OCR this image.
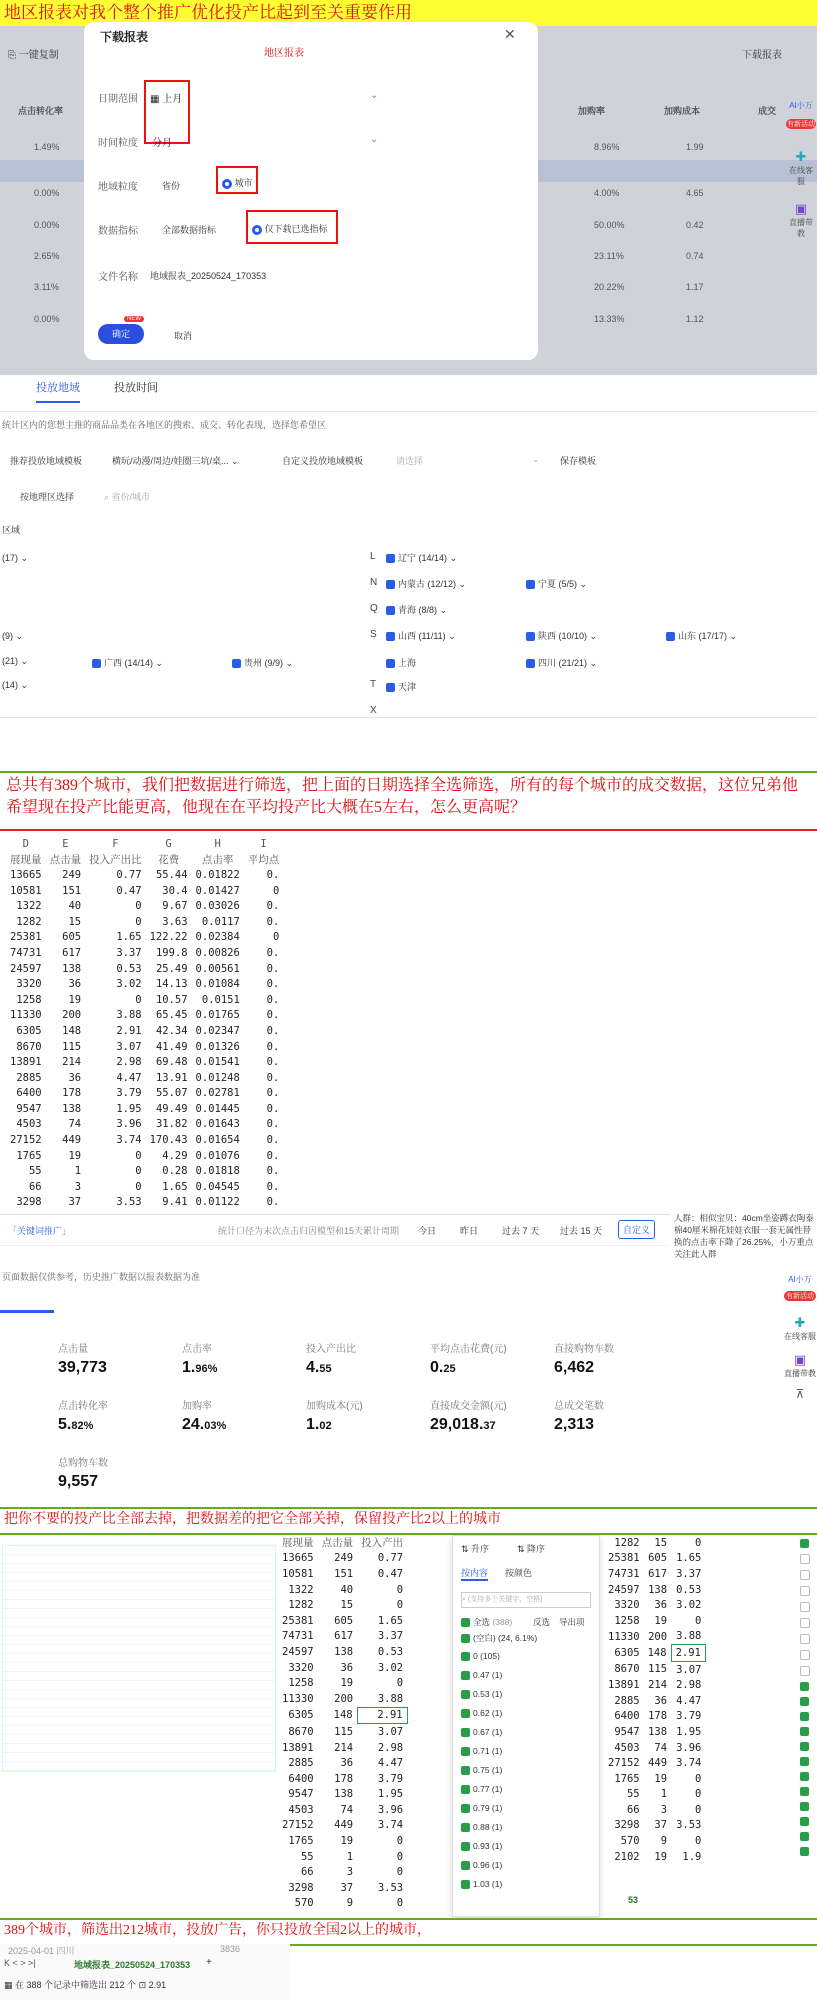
地区报表对我个整个推广优化投产比起到至关重要作用
⎘ 一键复制	下载报表
点击转化率	加购率	加购成本	成交
1.49%	8.96%	1.99
0.00%	4.00%	4.65
0.00%	50.00%	0.42
2.65%	23.11%	0.74
3.11%	20.22%	1.17
0.00%	13.33%	1.12
AI小万
有新活动
✚
在线客服
▣
直播带教
下载报表
地区报表
✕
日期范围 ▦ 上月	⌄
时间粒度 分月	⌄
地域粒度	省份	城市
数据指标	全部数据指标	仅下载已选指标
文件名称 地域报表_20250524_170353
确定
NEW
取消
投放地域	投放时间
统计区内的您想主推的商品品类在各地区的搜索、成交、转化表现，选择您希望区
推荐投放地域模板	横玩/动漫/周边/娃圈三坑/桌... ⌄	自定义投放地域模板	请选择	⌄ 保存模板
按地理区选择	⌕ 省份/城市
区域
(17) ⌄
(9) ⌄
(21) ⌄
(14) ⌄
L
N
Q
S
T
X
辽宁 (14/14) ⌄
内蒙古 (12/12) ⌄	宁夏 (5/5) ⌄
青海 (8/8) ⌄
山西 (11/11) ⌄	陕西 (10/10) ⌄	山东 (17/17) ⌄
广西 (14/14) ⌄	贵州 (9/9) ⌄	上海	四川 (21/21) ⌄
天津
总共有389个城市，我们把数据进行筛选，把上面的日期选择全选筛选，所有的每个城市的成交数据，这位兄弟他希望现在投产比能更高，他现在在平均投产比大概在5左右，怎么更高呢？
D	E	F	G	H	I
展现量	点击量	投入产出比	花费	点击率	平均点
13665	249	0.77	55.44	0.01822	0.
10581	151	0.47	30.4	0.01427	0
1322	40	0	9.67	0.03026	0.
1282	15	0	3.63	0.0117	0.
25381	605	1.65	122.22	0.02384	0
74731	617	3.37	199.8	0.00826	0.
24597	138	0.53	25.49	0.00561	0.
3320	36	3.02	14.13	0.01084	0.
1258	19	0	10.57	0.0151	0.
11330	200	3.88	65.45	0.01765	0.
6305	148	2.91	42.34	0.02347	0.
8670	115	3.07	41.49	0.01326	0.
13891	214	2.98	69.48	0.01541	0.
2885	36	4.47	13.91	0.01248	0.
6400	178	3.79	55.07	0.02781	0.
9547	138	1.95	49.49	0.01445	0.
4503	74	3.96	31.82	0.01643	0.
27152	449	3.74	170.43	0.01654	0.
1765	19	0	4.29	0.01076	0.
55	1	0	0.28	0.01818	0.
66	3	0	1.65	0.04545	0.
3298	37	3.53	9.41	0.01122	0.

「关键词推广」	统计口径为末次点击归因模型和15天累计周期 今日	昨日	过去 7 天 过去 15 天	自定义
人群：相似宝贝：40cm坐姿蹲衣陶泰棉40厘米棉花娃娃衣服一套无属性替换的点击率下降了26.25%，小万重点关注此人群
页面数据仅供参考，历史推广数据以报表数据为准
点击量
39,773
点击率
1.96%
投入产出比
4.55
平均点击花费(元)
0.25
直接购物车数
6,462
点击转化率
5.82%
加购率
24.03%
加购成本(元)
1.02
直接成交金额(元)
29,018.37
总成交笔数
2,313
总购物车数
9,557
AI小万
有新活动
✚
在线客服
▣
直播带教
⊼
把你不要的投产比全部去掉，把数据差的把它全部关掉，保留投产比2以上的城市
展现量	点击量	投入产出
13665	249	0.77
10581	151	0.47
1322	40	0
1282	15	0
25381	605	1.65
74731	617	3.37
24597	138	0.53
3320	36	3.02
1258	19	0
11330	200	3.88
6305	148	2.91
8670	115	3.07
13891	214	2.98
2885	36	4.47
6400	178	3.79
9547	138	1.95
4503	74	3.96
27152	449	3.74
1765	19	0
55	1	0
66	3	0
3298	37	3.53
570	9	0
⇅ 升序	⇅ 降序
按内容 按颜色
⌕ (支持多个关键字，空格)
全选 (388) 反选 导出项
(空白) (24, 6.1%)
0 (105)
0.47 (1)
0.53 (1)
0.62 (1)
0.67 (1)
0.71 (1)
0.75 (1)
0.77 (1)
0.79 (1)
0.88 (1)
0.93 (1)
0.96 (1)
1.03 (1)
1282	15	0
25381	605	1.65
74731	617	3.37
24597	138	0.53
3320	36	3.02
1258	19	0
11330	200	3.88
6305	148	2.91
8670	115	3.07
13891	214	2.98
2885	36	4.47
6400	178	3.79
9547	138	1.95
4503	74	3.96
27152	449	3.74
1765	19	0
55	1	0
66	3	0
3298	37	3.53
570	9	0
2102	19	1.9
53
389个城市，筛选出212城市，投放广告，你只投放全国2以上的城市，
2025-04-01 四川	3836
K < > >|	地域报表_20250524_170353 +
▦ 在 388 个记录中筛选出 212 个 ⊡ 2.91
